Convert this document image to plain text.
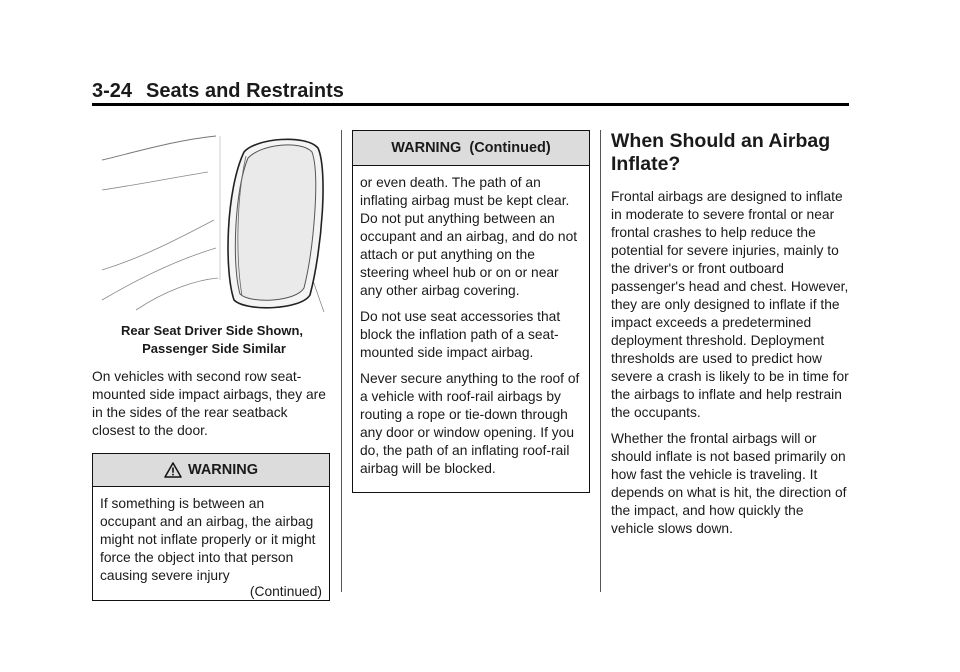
3-24 Seats and Restraints
Rear Seat Driver Side Shown,
Passenger Side Similar

On vehicles with second row seat-mounted side impact airbags, they are in the sides of the rear seatback closest to the door.

WARNING
If something is between an occupant and an airbag, the airbag might not inflate properly or it might force the object into that person causing severe injury
(Continued)
WARNING  (Continued)

or even death. The path of an inflating airbag must be kept clear. Do not put anything between an occupant and an airbag, and do not attach or put anything on the steering wheel hub or on or near any other airbag covering.

Do not use seat accessories that block the inflation path of a seat-mounted side impact airbag.

Never secure anything to the roof of a vehicle with roof-rail airbags by routing a rope or tie-down through any door or window opening. If you do, the path of an inflating roof-rail airbag will be blocked.

When Should an Airbag Inflate?

Frontal airbags are designed to inflate in moderate to severe frontal or near frontal crashes to help reduce the potential for severe injuries, mainly to the driver's or front outboard passenger's head and chest. However, they are only designed to inflate if the impact exceeds a predetermined deployment threshold. Deployment thresholds are used to predict how severe a crash is likely to be in time for the airbags to inflate and help restrain the occupants.

Whether the frontal airbags will or should inflate is not based primarily on how fast the vehicle is traveling. It depends on what is hit, the direction of the impact, and how quickly the vehicle slows down.
